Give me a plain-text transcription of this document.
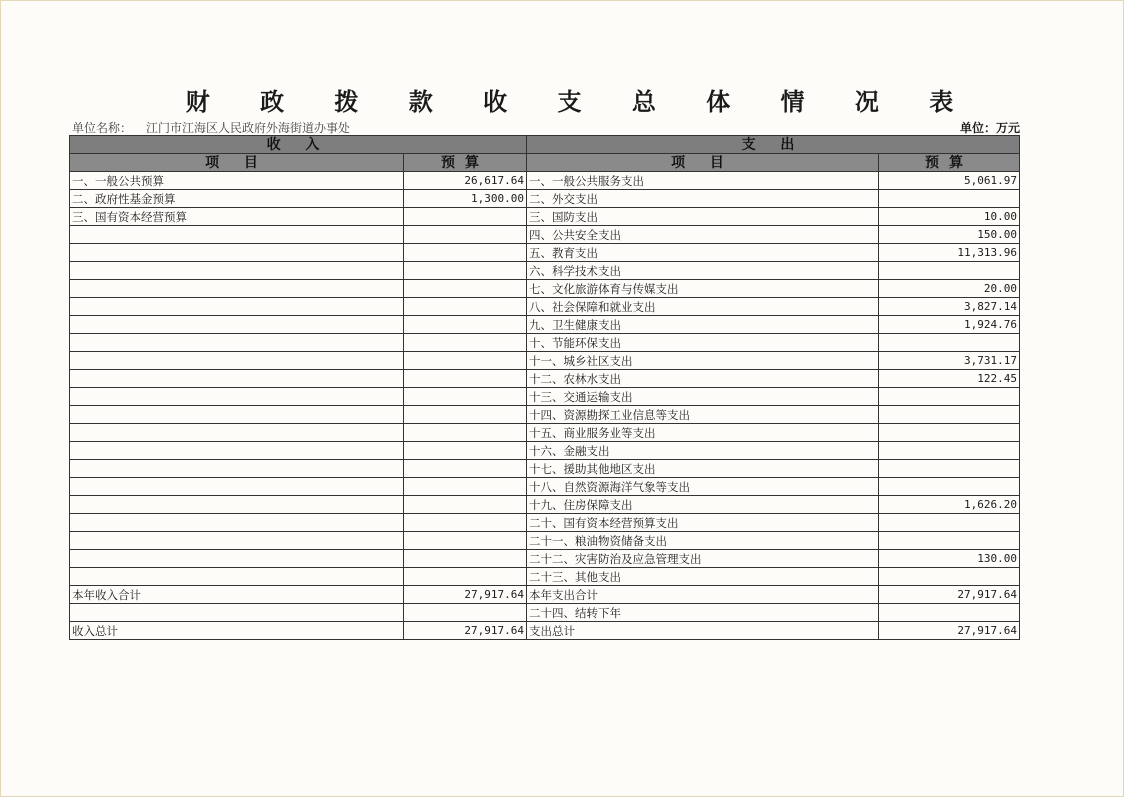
财 政 拨 款 收 支 总 体 情 况 表
单位名称： 江门市江海区人民政府外海街道办事处	单位：万元
收 入		支 出	
项 目	预算	项 目	预算
一、一般公共预算	26,617.64	一、一般公共服务支出	5,061.97
二、政府性基金预算	1,300.00	二、外交支出	
三、国有资本经营预算		三、国防支出	10.00
		四、公共安全支出	150.00
		五、教育支出	11,313.96
		六、科学技术支出	
		七、文化旅游体育与传媒支出	20.00
		八、社会保障和就业支出	3,827.14
		九、卫生健康支出	1,924.76
		十、节能环保支出	
		十一、城乡社区支出	3,731.17
		十二、农林水支出	122.45
		十三、交通运输支出	
		十四、资源勘探工业信息等支出	
		十五、商业服务业等支出	
		十六、金融支出	
		十七、援助其他地区支出	
		十八、自然资源海洋气象等支出	
		十九、住房保障支出	1,626.20
		二十、国有资本经营预算支出	
		二十一、粮油物资储备支出	
		二十二、灾害防治及应急管理支出	130.00
		二十三、其他支出	
本年收入合计	27,917.64	本年支出合计	27,917.64
		二十四、结转下年	
收入总计	27,917.64	支出总计	27,917.64
